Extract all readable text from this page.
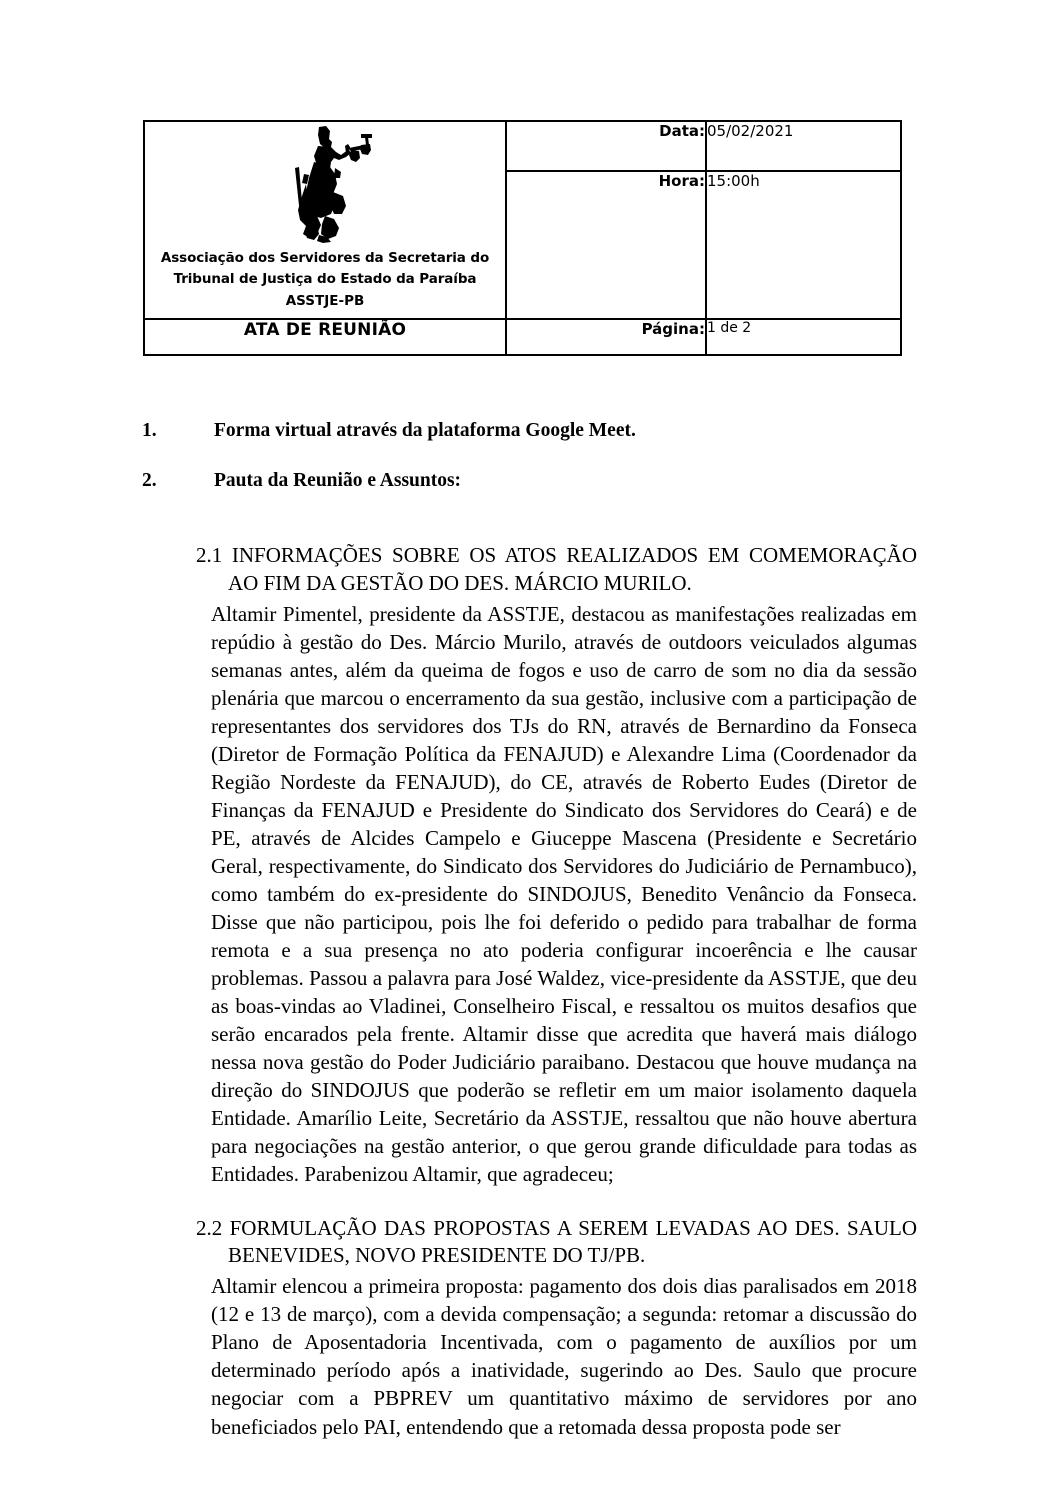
Associação dos Servidores da Secretaria do
Tribunal de Justiça do Estado da Paraíba
ASSTJE-PB	Data:	05/02/2021
	Hora:	15:00h
ATA DE REUNIÃO	Página:	1 de 2

1.	Forma virtual através da plataforma Google Meet.

2.	Pauta da Reunião e Assuntos:

2.1 INFORMAÇÕES SOBRE OS ATOS REALIZADOS EM COMEMORAÇÃO AO FIM DA GESTÃO DO DES. MÁRCIO MURILO.

Altamir Pimentel, presidente da ASSTJE, destacou as manifestações realizadas em repúdio à gestão do Des. Márcio Murilo, através de outdoors veiculados algumas semanas antes, além da queima de fogos e uso de carro de som no dia da sessão plenária que marcou o encerramento da sua gestão, inclusive com a participação de representantes dos servidores dos TJs do RN, através de Bernardino da Fonseca (Diretor de Formação Política da FENAJUD) e Alexandre Lima (Coordenador da Região Nordeste da FENAJUD), do CE, através de Roberto Eudes (Diretor de Finanças da FENAJUD e Presidente do Sindicato dos Servidores do Ceará) e de PE, através de Alcides Campelo e Giuceppe Mascena (Presidente e Secretário Geral, respectivamente, do Sindicato dos Servidores do Judiciário de Pernambuco), como também do ex-presidente do SINDOJUS, Benedito Venâncio da Fonseca. Disse que não participou, pois lhe foi deferido o pedido para trabalhar de forma remota e a sua presença no ato poderia configurar incoerência e lhe causar problemas. Passou a palavra para José Waldez, vice-presidente da ASSTJE, que deu as boas-vindas ao Vladinei, Conselheiro Fiscal, e ressaltou os muitos desafios que serão encarados pela frente. Altamir disse que acredita que haverá mais diálogo nessa nova gestão do Poder Judiciário paraibano. Destacou que houve mudança na direção do SINDOJUS que poderão se refletir em um maior isolamento daquela Entidade. Amarílio Leite, Secretário da ASSTJE, ressaltou que não houve abertura para negociações na gestão anterior, o que gerou grande dificuldade para todas as Entidades. Parabenizou Altamir, que agradeceu;

2.2 FORMULAÇÃO DAS PROPOSTAS A SEREM LEVADAS AO DES. SAULO BENEVIDES, NOVO PRESIDENTE DO TJ/PB.

Altamir elencou a primeira proposta: pagamento dos dois dias paralisados em 2018 (12 e 13 de março), com a devida compensação; a segunda: retomar a discussão do Plano de Aposentadoria Incentivada, com o pagamento de auxílios por um determinado período após a inatividade, sugerindo ao Des. Saulo que procure negociar com a PBPREV um quantitativo máximo de servidores por ano beneficiados pelo PAI, entendendo que a retomada dessa proposta pode ser
